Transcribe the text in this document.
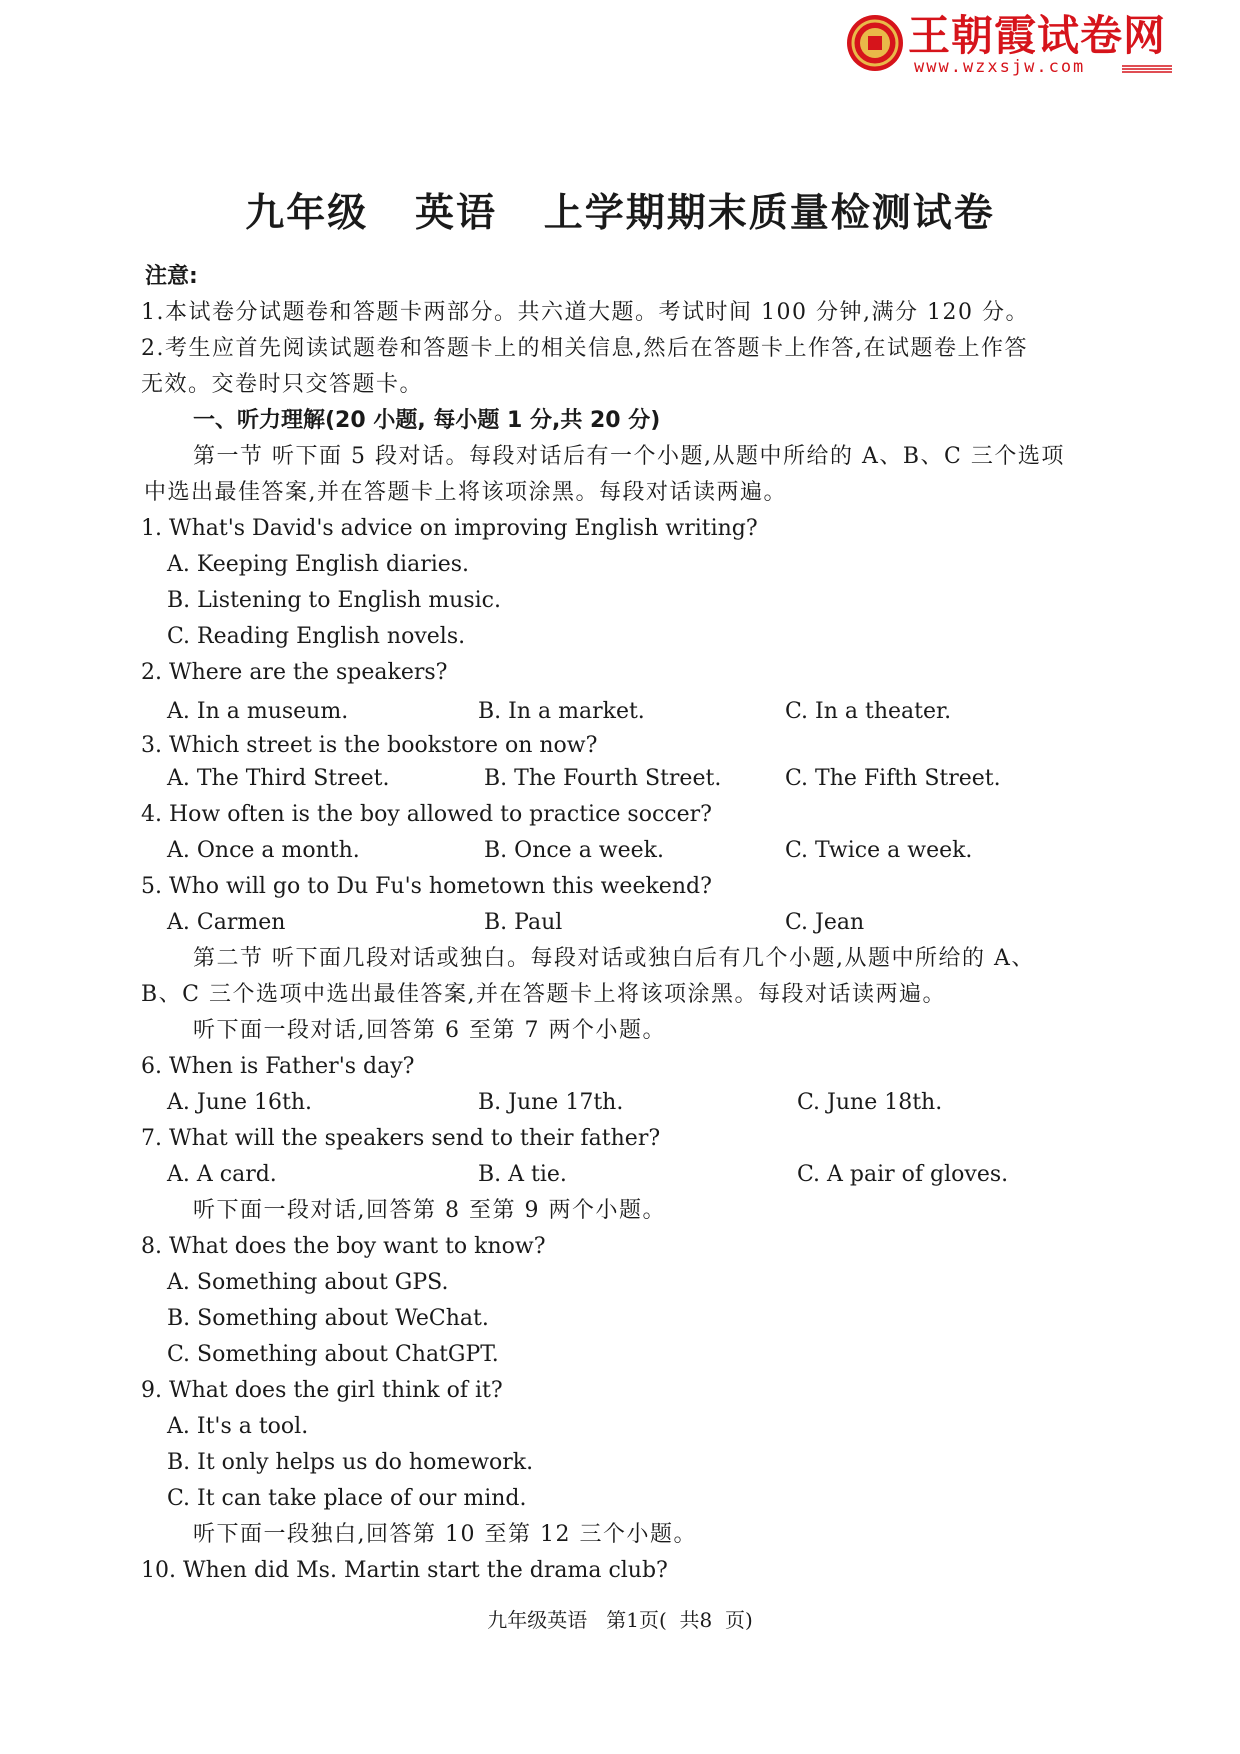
王朝霞试卷网
www.wzxsjw.com
九年级   英语   上学期期末质量检测试卷
注意:
1.本试卷分试题卷和答题卡两部分。共六道大题。考试时间 100 分钟,满分 120 分。
2.考生应首先阅读试题卷和答题卡上的相关信息,然后在答题卡上作答,在试题卷上作答
无效。交卷时只交答题卡。
一、听力理解(20 小题, 每小题 1 分,共 20 分)
第一节 听下面 5 段对话。每段对话后有一个小题,从题中所给的 A、B、C 三个选项
中选出最佳答案,并在答题卡上将该项涂黑。每段对话读两遍。
1. What's David's advice on improving English writing?
A. Keeping English diaries.
B. Listening to English music.
C. Reading English novels.
2. Where are the speakers?
A. In a museum.	B. In a market.	C. In a theater.
3. Which street is the bookstore on now?
A. The Third Street.	B. The Fourth Street.	C. The Fifth Street.
4. How often is the boy allowed to practice soccer?
A. Once a month.	B. Once a week.	C. Twice a week.
5. Who will go to Du Fu's hometown this weekend?
A. Carmen	B. Paul	C. Jean
第二节 听下面几段对话或独白。每段对话或独白后有几个小题,从题中所给的 A、
B、C 三个选项中选出最佳答案,并在答题卡上将该项涂黑。每段对话读两遍。
听下面一段对话,回答第 6 至第 7 两个小题。
6. When is Father's day?
A. June 16th.	B. June 17th.	C. June 18th.
7. What will the speakers send to their father?
A. A card.	B. A tie.	C. A pair of gloves.
听下面一段对话,回答第 8 至第 9 两个小题。
8. What does the boy want to know?
A. Something about GPS.
B. Something about WeChat.
C. Something about ChatGPT.
9. What does the girl think of it?
A. It's a tool.
B. It only helps us do homework.
C. It can take place of our mind.
听下面一段独白,回答第 10 至第 12 三个小题。
10. When did Ms. Martin start the drama club?
九年级英语   第1页(  共8  页)
